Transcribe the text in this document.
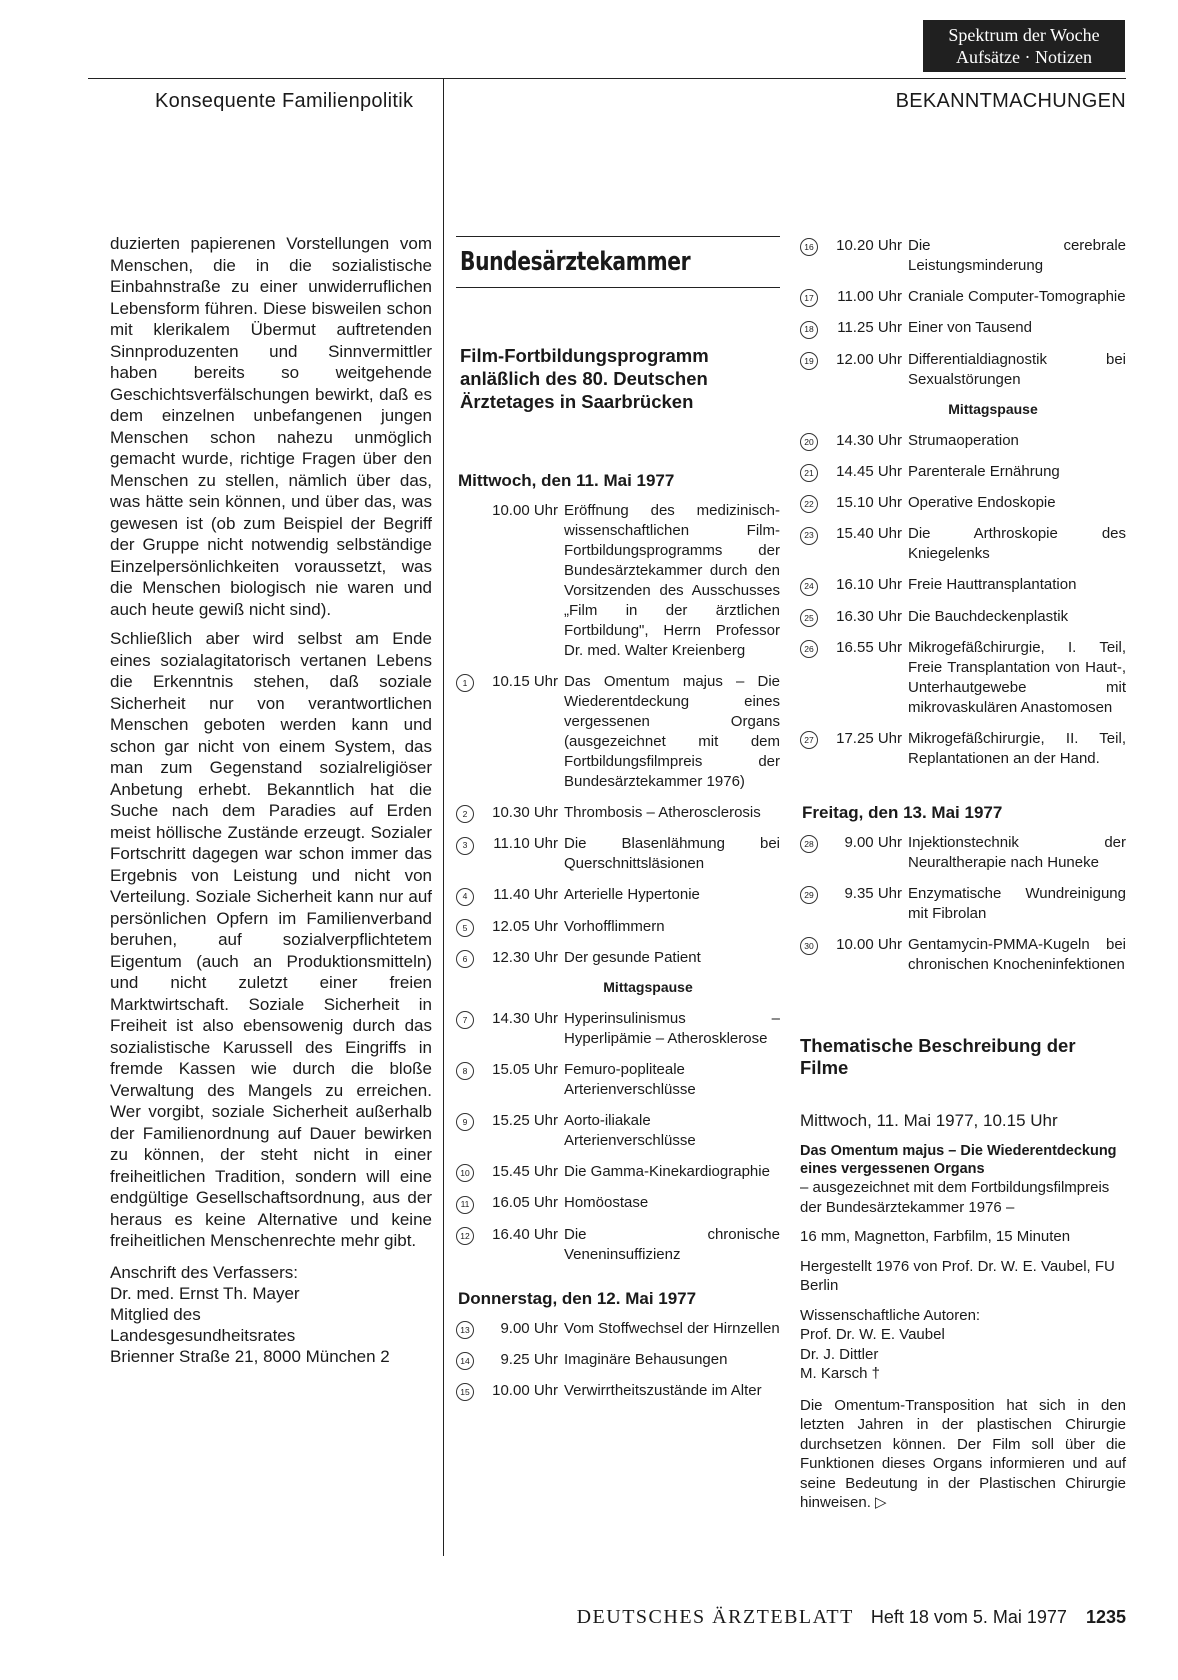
Spektrum der Woche
Aufsätze · Notizen
Konsequente Familienpolitik	BEKANNTMACHUNGEN

duzierten papierenen Vorstellungen vom Menschen, die in die sozialistische Einbahnstraße zu einer unwiderruflichen Lebensform führen. Diese bisweilen schon mit klerikalem Übermut auftretenden Sinnproduzenten und Sinnvermittler haben bereits so weitgehende Geschichtsverfälschungen bewirkt, daß es dem einzelnen unbefangenen jungen Menschen schon nahezu unmöglich gemacht wurde, richtige Fragen über den Menschen zu stellen, nämlich über das, was hätte sein können, und über das, was gewesen ist (ob zum Beispiel der Begriff der Gruppe nicht notwendig selbständige Einzelpersönlichkeiten voraussetzt, was die Menschen biologisch nie waren und auch heute gewiß nicht sind).

Schließlich aber wird selbst am Ende eines sozialagitatorisch vertanen Lebens die Erkenntnis stehen, daß soziale Sicherheit nur von verantwortlichen Menschen geboten werden kann und schon gar nicht von einem System, das man zum Gegenstand sozialreligiöser Anbetung erhebt. Bekanntlich hat die Suche nach dem Paradies auf Erden meist höllische Zustände erzeugt. Sozialer Fortschritt dagegen war schon immer das Ergebnis von Leistung und nicht von Verteilung. Soziale Sicherheit kann nur auf persönlichen Opfern im Familienverband beruhen, auf sozialverpflichtetem Eigentum (auch an Produktionsmitteln) und nicht zuletzt einer freien Marktwirtschaft. Soziale Sicherheit in Freiheit ist also ebensowenig durch das sozialistische Karussell des Eingriffs in fremde Kassen wie durch die bloße Verwaltung des Mangels zu erreichen. Wer vorgibt, soziale Sicherheit außerhalb der Familienordnung auf Dauer bewirken zu können, der steht nicht in einer freiheitlichen Tradition, sondern will eine endgültige Gesellschaftsordnung, aus der heraus es keine Alternative und keine freiheitlichen Menschenrechte mehr gibt.

Anschrift des Verfassers:
Dr. med. Ernst Th. Mayer
Mitglied des
Landesgesundheitsrates
Brienner Straße 21, 8000 München 2
Bundesärztekammer
Film-Fortbildungsprogramm anläßlich des 80. Deutschen Ärztetages in Saarbrücken
Mittwoch, den 11. Mai 1977
10.00 Uhr Eröffnung des medizinisch-wissenschaftlichen Film-Fortbildungsprogramms der Bundesärztekammer durch den Vorsitzenden des Ausschusses „Film in der ärztlichen Fortbildung", Herrn Professor Dr. med. Walter Kreienberg
1	10.15 Uhr Das Omentum majus – Die Wiederentdeckung eines vergessenen Organs (ausgezeichnet mit dem Fortbildungsfilmpreis der Bundesärztekammer 1976)
2	10.30 Uhr Thrombosis – Atherosclerosis
3	11.10 Uhr Die Blasenlähmung bei Querschnittsläsionen
4	11.40 Uhr Arterielle Hypertonie
5	12.05 Uhr Vorhofflimmern
6	12.30 Uhr Der gesunde Patient
Mittagspause
7	14.30 Uhr Hyperinsulinismus – Hyperlipämie – Atherosklerose
8	15.05 Uhr Femuro-popliteale Arterienverschlüsse
9	15.25 Uhr Aorto-iliakale Arterienverschlüsse
10	15.45 Uhr Die Gamma-Kinekardiographie
11	16.05 Uhr Homöostase
12	16.40 Uhr Die chronische Veneninsuffizienz
Donnerstag, den 12. Mai 1977
13	9.00 Uhr Vom Stoffwechsel der Hirnzellen
14	9.25 Uhr Imaginäre Behausungen
15	10.00 Uhr Verwirrtheitszustände im Alter
16	10.20 Uhr Die cerebrale Leistungsminderung
17	11.00 Uhr Craniale Computer-Tomographie
18	11.25 Uhr Einer von Tausend
19	12.00 Uhr Differentialdiagnostik bei Sexualstörungen
Mittagspause
20	14.30 Uhr Strumaoperation
21	14.45 Uhr Parenterale Ernährung
22	15.10 Uhr Operative Endoskopie
23	15.40 Uhr Die Arthroskopie des Kniegelenks
24	16.10 Uhr Freie Hauttransplantation
25	16.30 Uhr Die Bauchdeckenplastik
26	16.55 Uhr Mikrogefäßchirurgie, I. Teil, Freie Transplantation von Haut-, Unterhautgewebe mit mikrovaskulären Anastomosen
27	17.25 Uhr Mikrogefäßchirurgie, II. Teil, Replantationen an der Hand.
Freitag, den 13. Mai 1977
28	9.00 Uhr Injektionstechnik der Neuraltherapie nach Huneke
29	9.35 Uhr Enzymatische Wundreinigung mit Fibrolan
30	10.00 Uhr Gentamycin-PMMA-Kugeln bei chronischen Knocheninfektionen
Thematische Beschreibung der Filme
Mittwoch, 11. Mai 1977, 10.15 Uhr
Das Omentum majus – Die Wiederentdeckung eines vergessenen Organs

– ausgezeichnet mit dem Fortbildungsfilmpreis der Bundesärztekammer 1976 –

16 mm, Magnetton, Farbfilm, 15 Minuten

Hergestellt 1976 von Prof. Dr. W. E. Vaubel, FU Berlin

Wissenschaftliche Autoren:
Prof. Dr. W. E. Vaubel
Dr. J. Dittler
M. Karsch †

Die Omentum-Transposition hat sich in den letzten Jahren in der plastischen Chirurgie durchsetzen können. Der Film soll über die Funktionen dieses Organs informieren und auf seine Bedeutung in der Plastischen Chirurgie hinweisen. ▷

DEUTSCHES ÄRZTEBLATT Heft 18 vom 5. Mai 1977 1235
